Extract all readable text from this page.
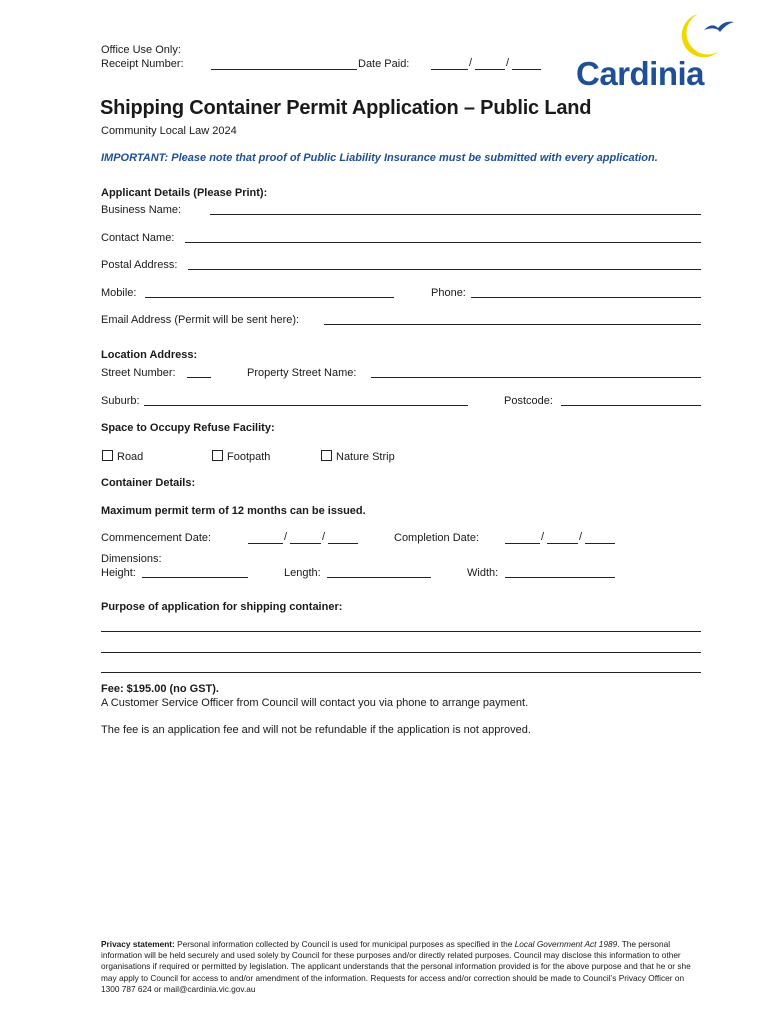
Office Use Only:
Receipt Number:	Date Paid:	/	/ Cardinia
Shipping Container Permit Application – Public Land
Community Local Law 2024
IMPORTANT: Please note that proof of Public Liability Insurance must be submitted with every application.
Applicant Details (Please Print):
Business Name:
Contact Name:
Postal Address:
Mobile:	Phone:
Email Address (Permit will be sent here):
Location Address:
Street Number:	Property Street Name:
Suburb:	Postcode:
Space to Occupy Refuse Facility:
Road	Footpath	Nature Strip
Container Details:
Maximum permit term of 12 months can be issued.
Commencement Date:	/	/	Completion Date:	/	/
Dimensions:
Height:	Length:	Width:
Purpose of application for shipping container:
Fee: $195.00 (no GST).
A Customer Service Officer from Council will contact you via phone to arrange payment.
The fee is an application fee and will not be refundable if the application is not approved.
Privacy statement: Personal information collected by Council is used for municipal purposes as specified in the Local Government Act 1989. The personal information will be held securely and used solely by Council for these purposes and/or directly related purposes. Council may disclose this information to other organisations if required or permitted by legislation. The applicant understands that the personal information provided is for the above purpose and that he or she may apply to Council for access to and/or amendment of the information. Requests for access and/or correction should be made to Council’s Privacy Officer on 1300 787 624 or mail@cardinia.vic.gov.au
